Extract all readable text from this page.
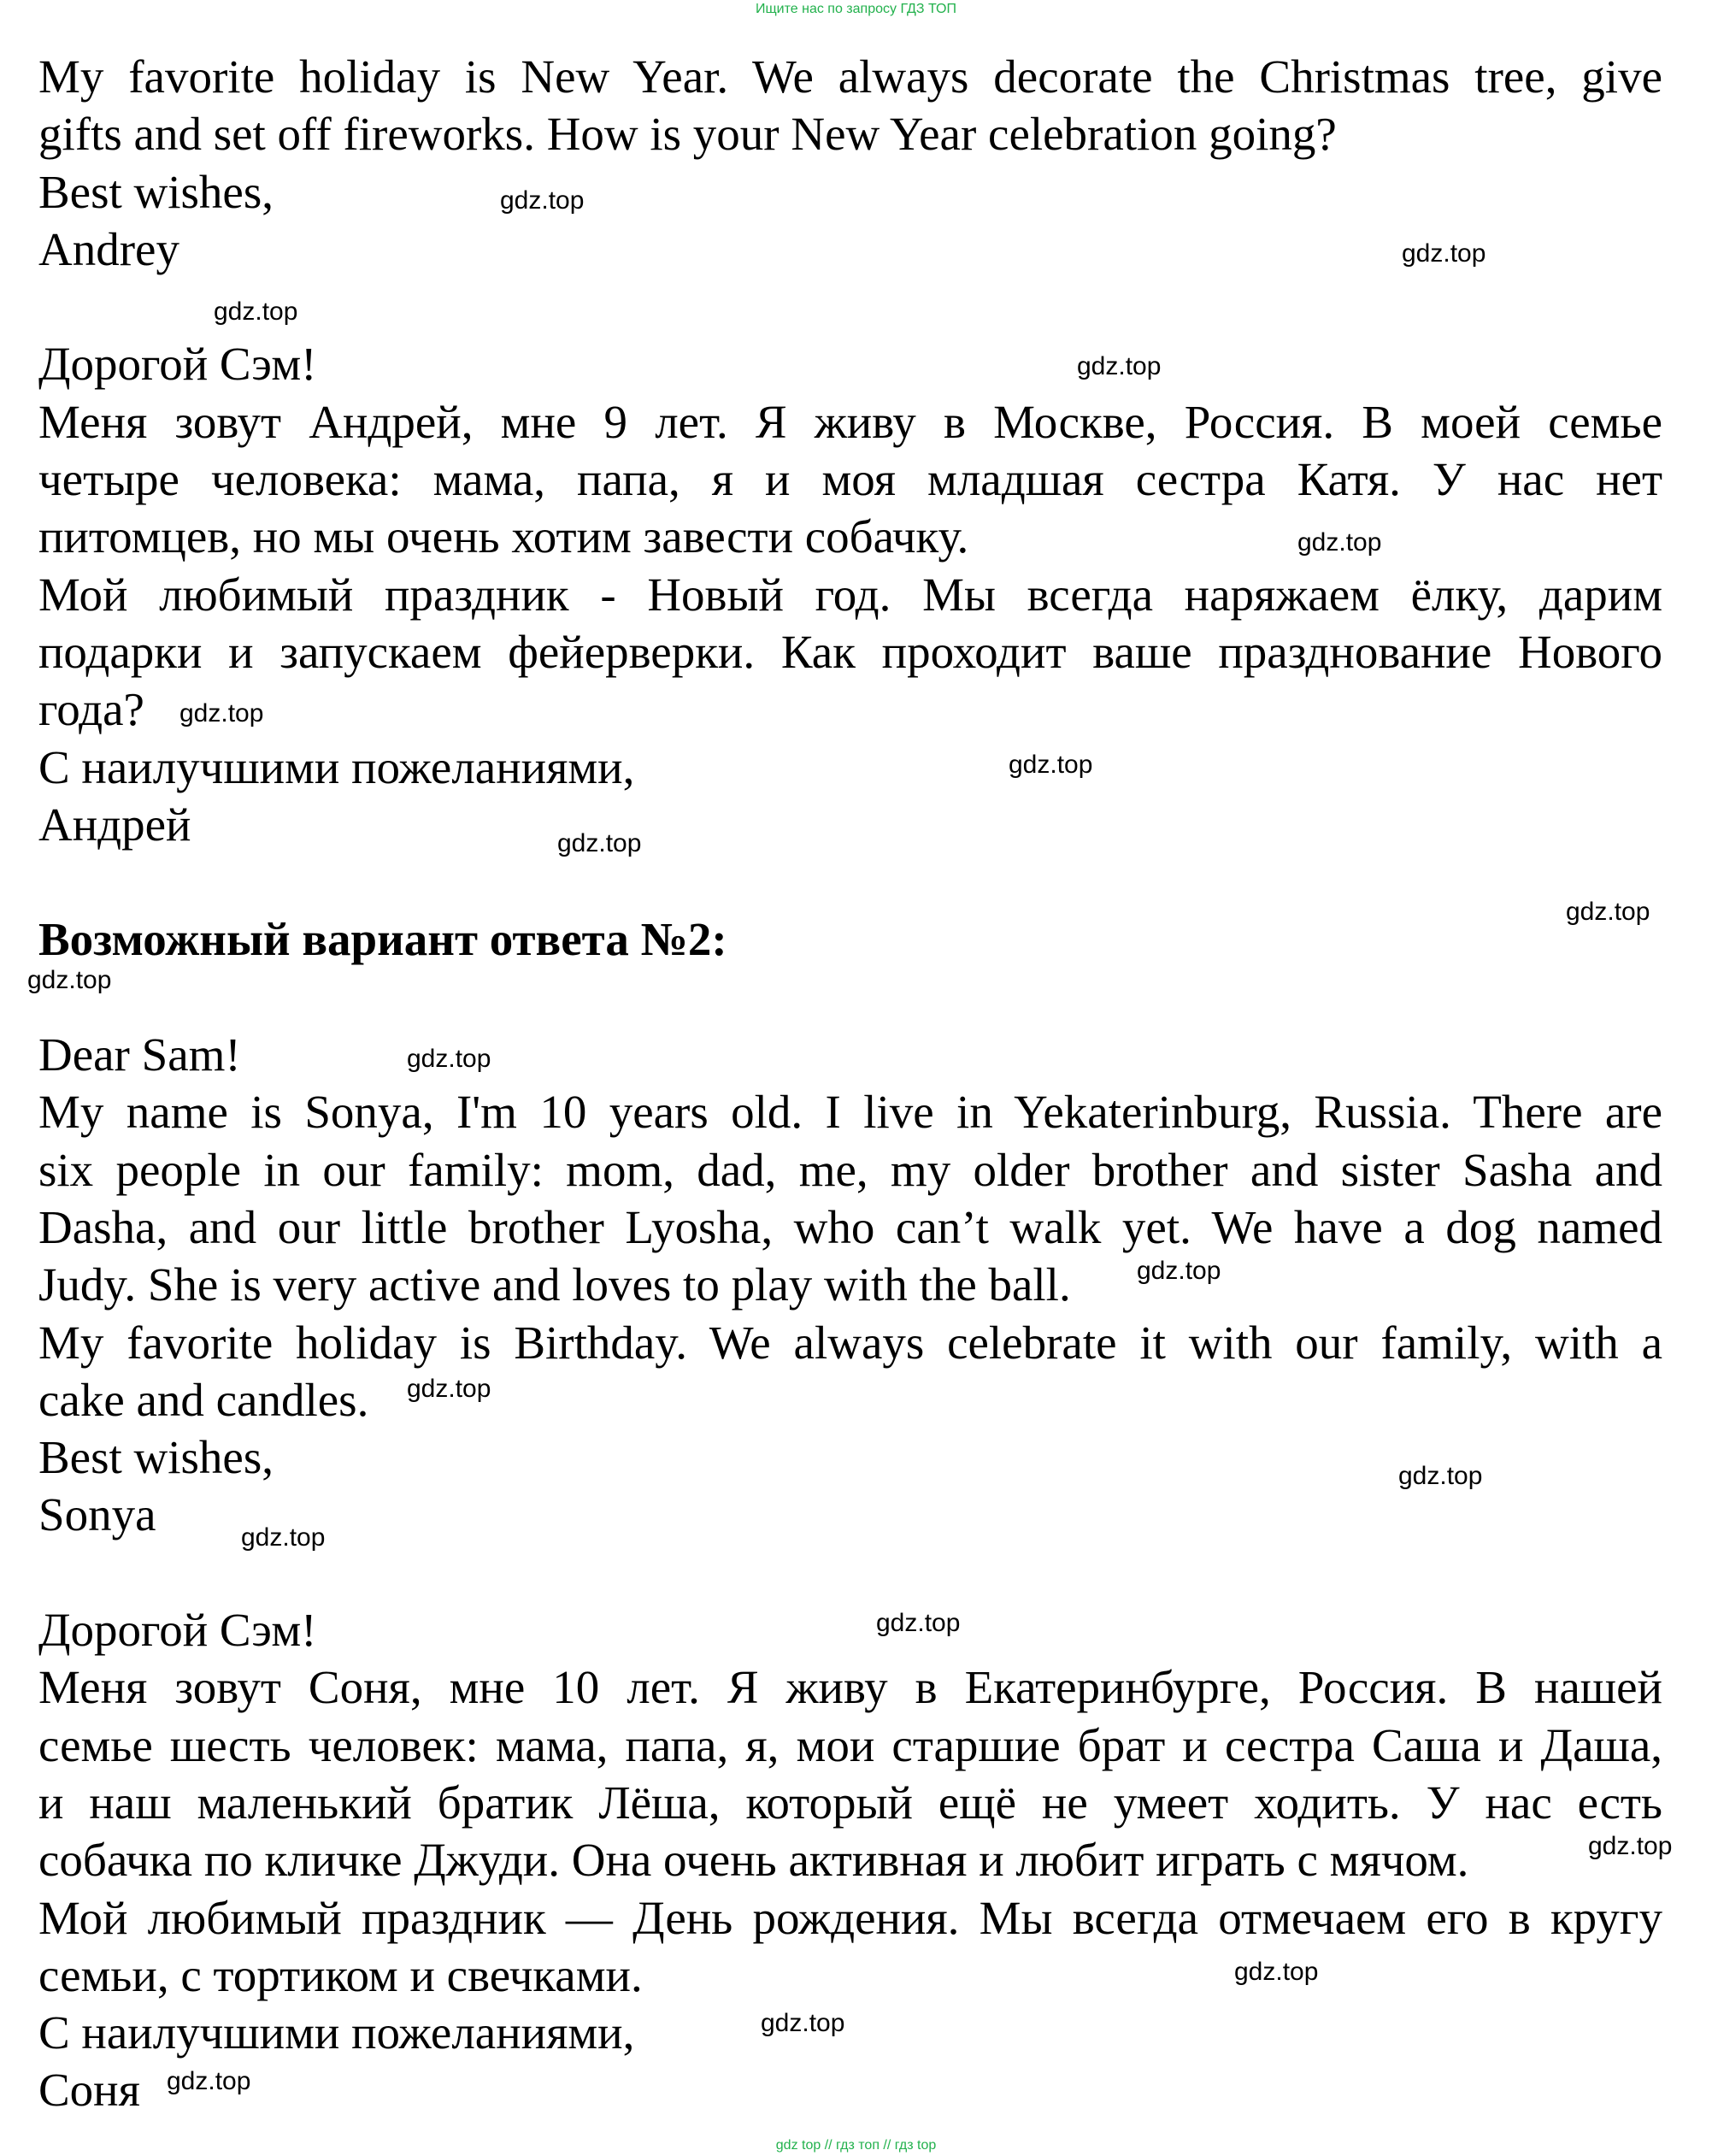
Ищите нас по запросу ГДЗ ТОП
My favorite holiday is New Year. We always decorate the Christmas tree, give
gifts and set off fireworks. How is your New Year celebration going?
Best wishes,
Andrey
Дорогой Сэм!
Меня зовут Андрей, мне 9 лет. Я живу в Москве, Россия. В моей семье
четыре человека: мама, папа, я и моя младшая сестра Катя. У нас нет
питомцев, но мы очень хотим завести собачку.
Мой любимый праздник - Новый год. Мы всегда наряжаем ёлку, дарим
подарки и запускаем фейерверки. Как проходит ваше празднование Нового
года?
С наилучшими пожеланиями,
Андрей
Возможный вариант ответа №2:
Dear Sam!
My name is Sonya, I'm 10 years old. I live in Yekaterinburg, Russia. There are
six people in our family: mom, dad, me, my older brother and sister Sasha and
Dasha, and our little brother Lyosha, who can’t walk yet. We have a dog named
Judy. She is very active and loves to play with the ball.
My favorite holiday is Birthday. We always celebrate it with our family, with a
cake and candles.
Best wishes,
Sonya
Дорогой Сэм!
Меня зовут Соня, мне 10 лет. Я живу в Екатеринбурге, Россия. В нашей
семье шесть человек: мама, папа, я, мои старшие брат и сестра Саша и Даша,
и наш маленький братик Лёша, который ещё не умеет ходить. У нас есть
собачка по кличке Джуди. Она очень активная и любит играть с мячом.
Мой любимый праздник — День рождения. Мы всегда отмечаем его в кругу
семьи, с тортиком и свечками.
С наилучшими пожеланиями,
Соня
gdz.top
gdz.top
gdz.top
gdz.top
gdz.top
gdz.top
gdz.top
gdz.top
gdz.top
gdz.top
gdz.top
gdz.top
gdz.top
gdz.top
gdz.top
gdz.top
gdz.top
gdz.top
gdz.top
gdz.top
gdz top // гдз топ // гдз top
